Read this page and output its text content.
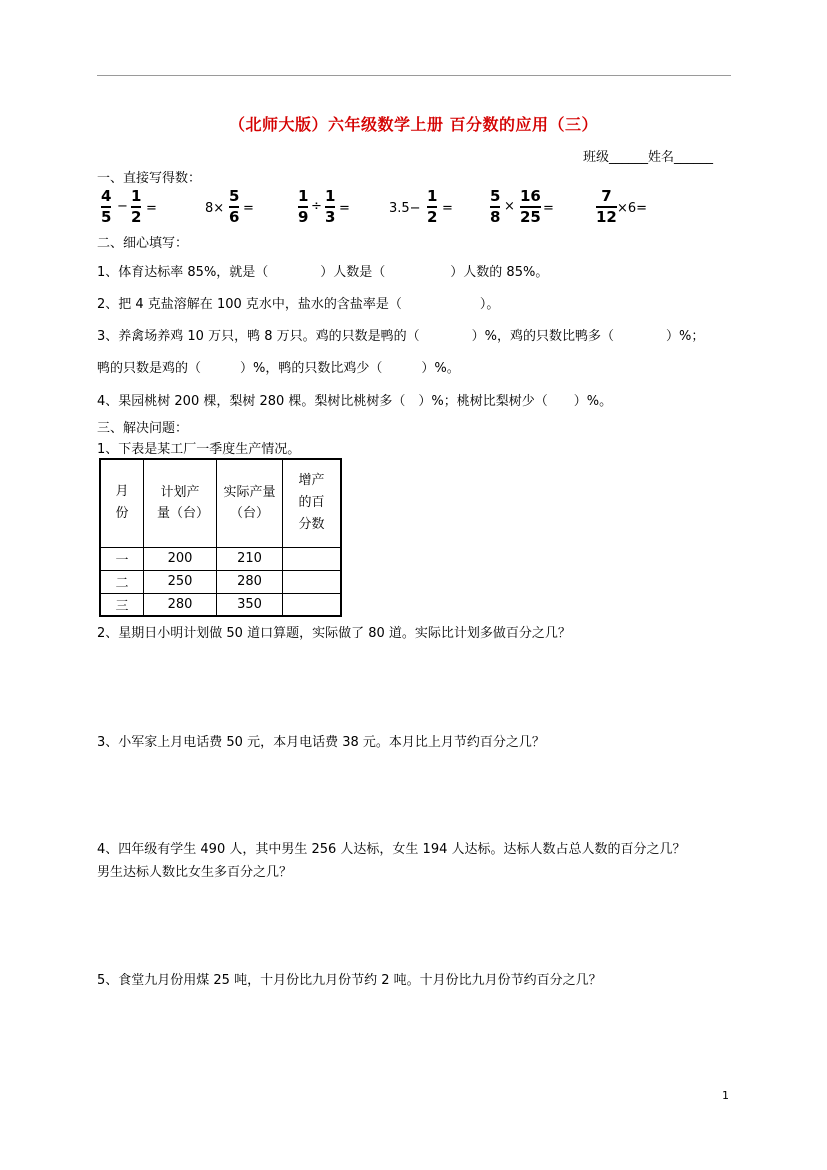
（北师大版）六年级数学上册 百分数的应用（三）
班级______姓名______
一、直接写得数：
4
5
−
1
2 =	8×
5
6 =
1
9
÷
1
3 =	3.5−
1
2 =
5
8
×
16
25 =
7
12 ×6=
二、细心填写：
1、体育达标率 85%，就是（　　　　）人数是（　　　　　）人数的 85%。
2、把 4 克盐溶解在 100 克水中，盐水的含盐率是（　　　　　　）。
3、养禽场养鸡 10 万只，鸭 8 万只。鸡的只数是鸭的（　　　　）%，鸡的只数比鸭多（　　　　）%；
鸭的只数是鸡的（　　　）%，鸭的只数比鸡少（　　　）%。
4、果园桃树 200 棵，梨树 280 棵。梨树比桃树多（　）%；桃树比梨树少（　　）%。
三、解决问题：
1、下表是某工厂一季度生产情况。
月份	计划产量（台）	实际产量（台）	增产的百分数

一	200	210	
二	250	280	
三	280	350	
2、星期日小明计划做 50 道口算题，实际做了 80 道。实际比计划多做百分之几？
3、小军家上月电话费 50 元，本月电话费 38 元。本月比上月节约百分之几？
4、四年级有学生 490 人，其中男生 256 人达标，女生 194 人达标。达标人数占总人数的百分之几？
男生达标人数比女生多百分之几？
5、食堂九月份用煤 25 吨，十月份比九月份节约 2 吨。十月份比九月份节约百分之几？
1
